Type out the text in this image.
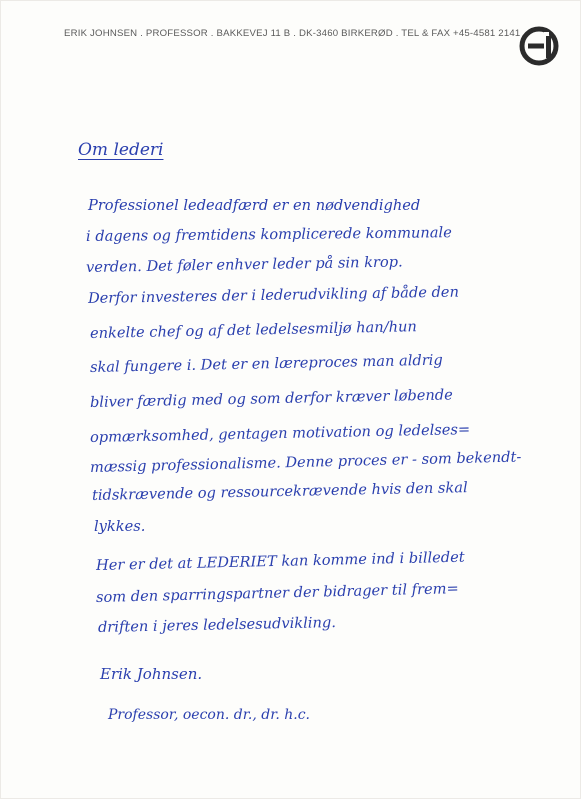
ERIK JOHNSEN . PROFESSOR . BAKKEVEJ 11 B . DK-3460 BIRKERØD . TEL & FAX +45-4581 2141
Om lederi
Professionel ledeadfærd er en nødvendighed
i dagens og fremtidens komplicerede kommunale
verden. Det føler enhver leder på sin krop.
Derfor investeres der i lederudvikling af både den
enkelte chef og af det ledelsesmiljø han/hun
skal fungere i. Det er en læreproces man aldrig
bliver færdig med og som derfor kræver løbende
opmærksomhed, gentagen motivation og ledelses=
mæssig professionalisme. Denne proces er - som bekendt-
tidskrævende og ressourcekrævende hvis den skal
lykkes.
Her er det at LEDERIET kan komme ind i billedet
som den sparringspartner der bidrager til frem=
driften i jeres ledelsesudvikling.
Erik Johnsen.
Professor, oecon. dr., dr. h.c.
